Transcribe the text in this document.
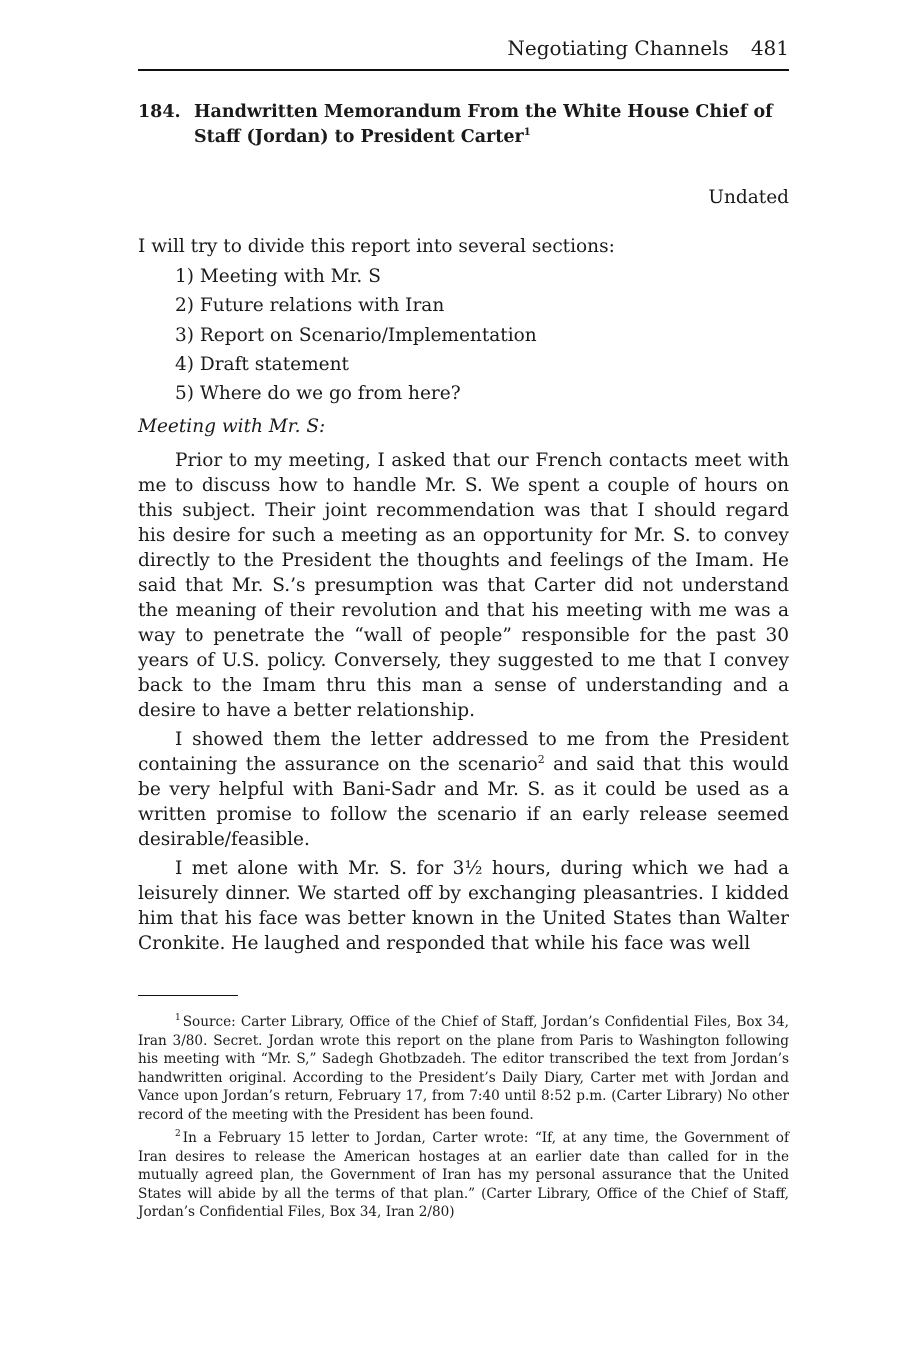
Negotiating Channels 481
184. Handwritten Memorandum From the White House Chief of Staff (Jordan) to President Carter$^1$
Undated

I will try to divide this report into several sections:

1) Meeting with Mr. S
2) Future relations with Iran
3) Report on Scenario/Implementation
4) Draft statement
5) Where do we go from here?

Meeting with Mr. S:

Prior to my meeting, I asked that our French contacts meet with me to discuss how to handle Mr. S. We spent a couple of hours on this subject. Their joint recommendation was that I should regard his desire for such a meeting as an opportunity for Mr. S. to convey directly to the President the thoughts and feelings of the Imam. He said that Mr. S.’s presumption was that Carter did not understand the meaning of their revolution and that his meeting with me was a way to penetrate the “wall of people” responsible for the past 30 years of U.S. policy. Conversely, they suggested to me that I convey back to the Imam thru this man a sense of understanding and a desire to have a better relationship.

I showed them the letter addressed to me from the President containing the assurance on the scenario$^2$ and said that this would be very helpful with Bani-Sadr and Mr. S. as it could be used as a written promise to follow the scenario if an early release seemed desirable/feasible.

I met alone with Mr. S. for 3½ hours, during which we had a leisurely dinner. We started off by exchanging pleasantries. I kidded him that his face was better known in the United States than Walter Cronkite. He laughed and responded that while his face was well

$^1$ Source: Carter Library, Office of the Chief of Staff, Jordan’s Confidential Files, Box 34, Iran 3/80. Secret. Jordan wrote this report on the plane from Paris to Washington following his meeting with “Mr. S,” Sadegh Ghotbzadeh. The editor transcribed the text from Jordan’s handwritten original. According to the President’s Daily Diary, Carter met with Jordan and Vance upon Jordan’s return, February 17, from 7:40 until 8:52 p.m. (Carter Library) No other record of the meeting with the President has been found.

$^2$ In a February 15 letter to Jordan, Carter wrote: “If, at any time, the Government of Iran desires to release the American hostages at an earlier date than called for in the mutually agreed plan, the Government of Iran has my personal assurance that the United States will abide by all the terms of that plan.” (Carter Library, Office of the Chief of Staff, Jordan’s Confidential Files, Box 34, Iran 2/80)
